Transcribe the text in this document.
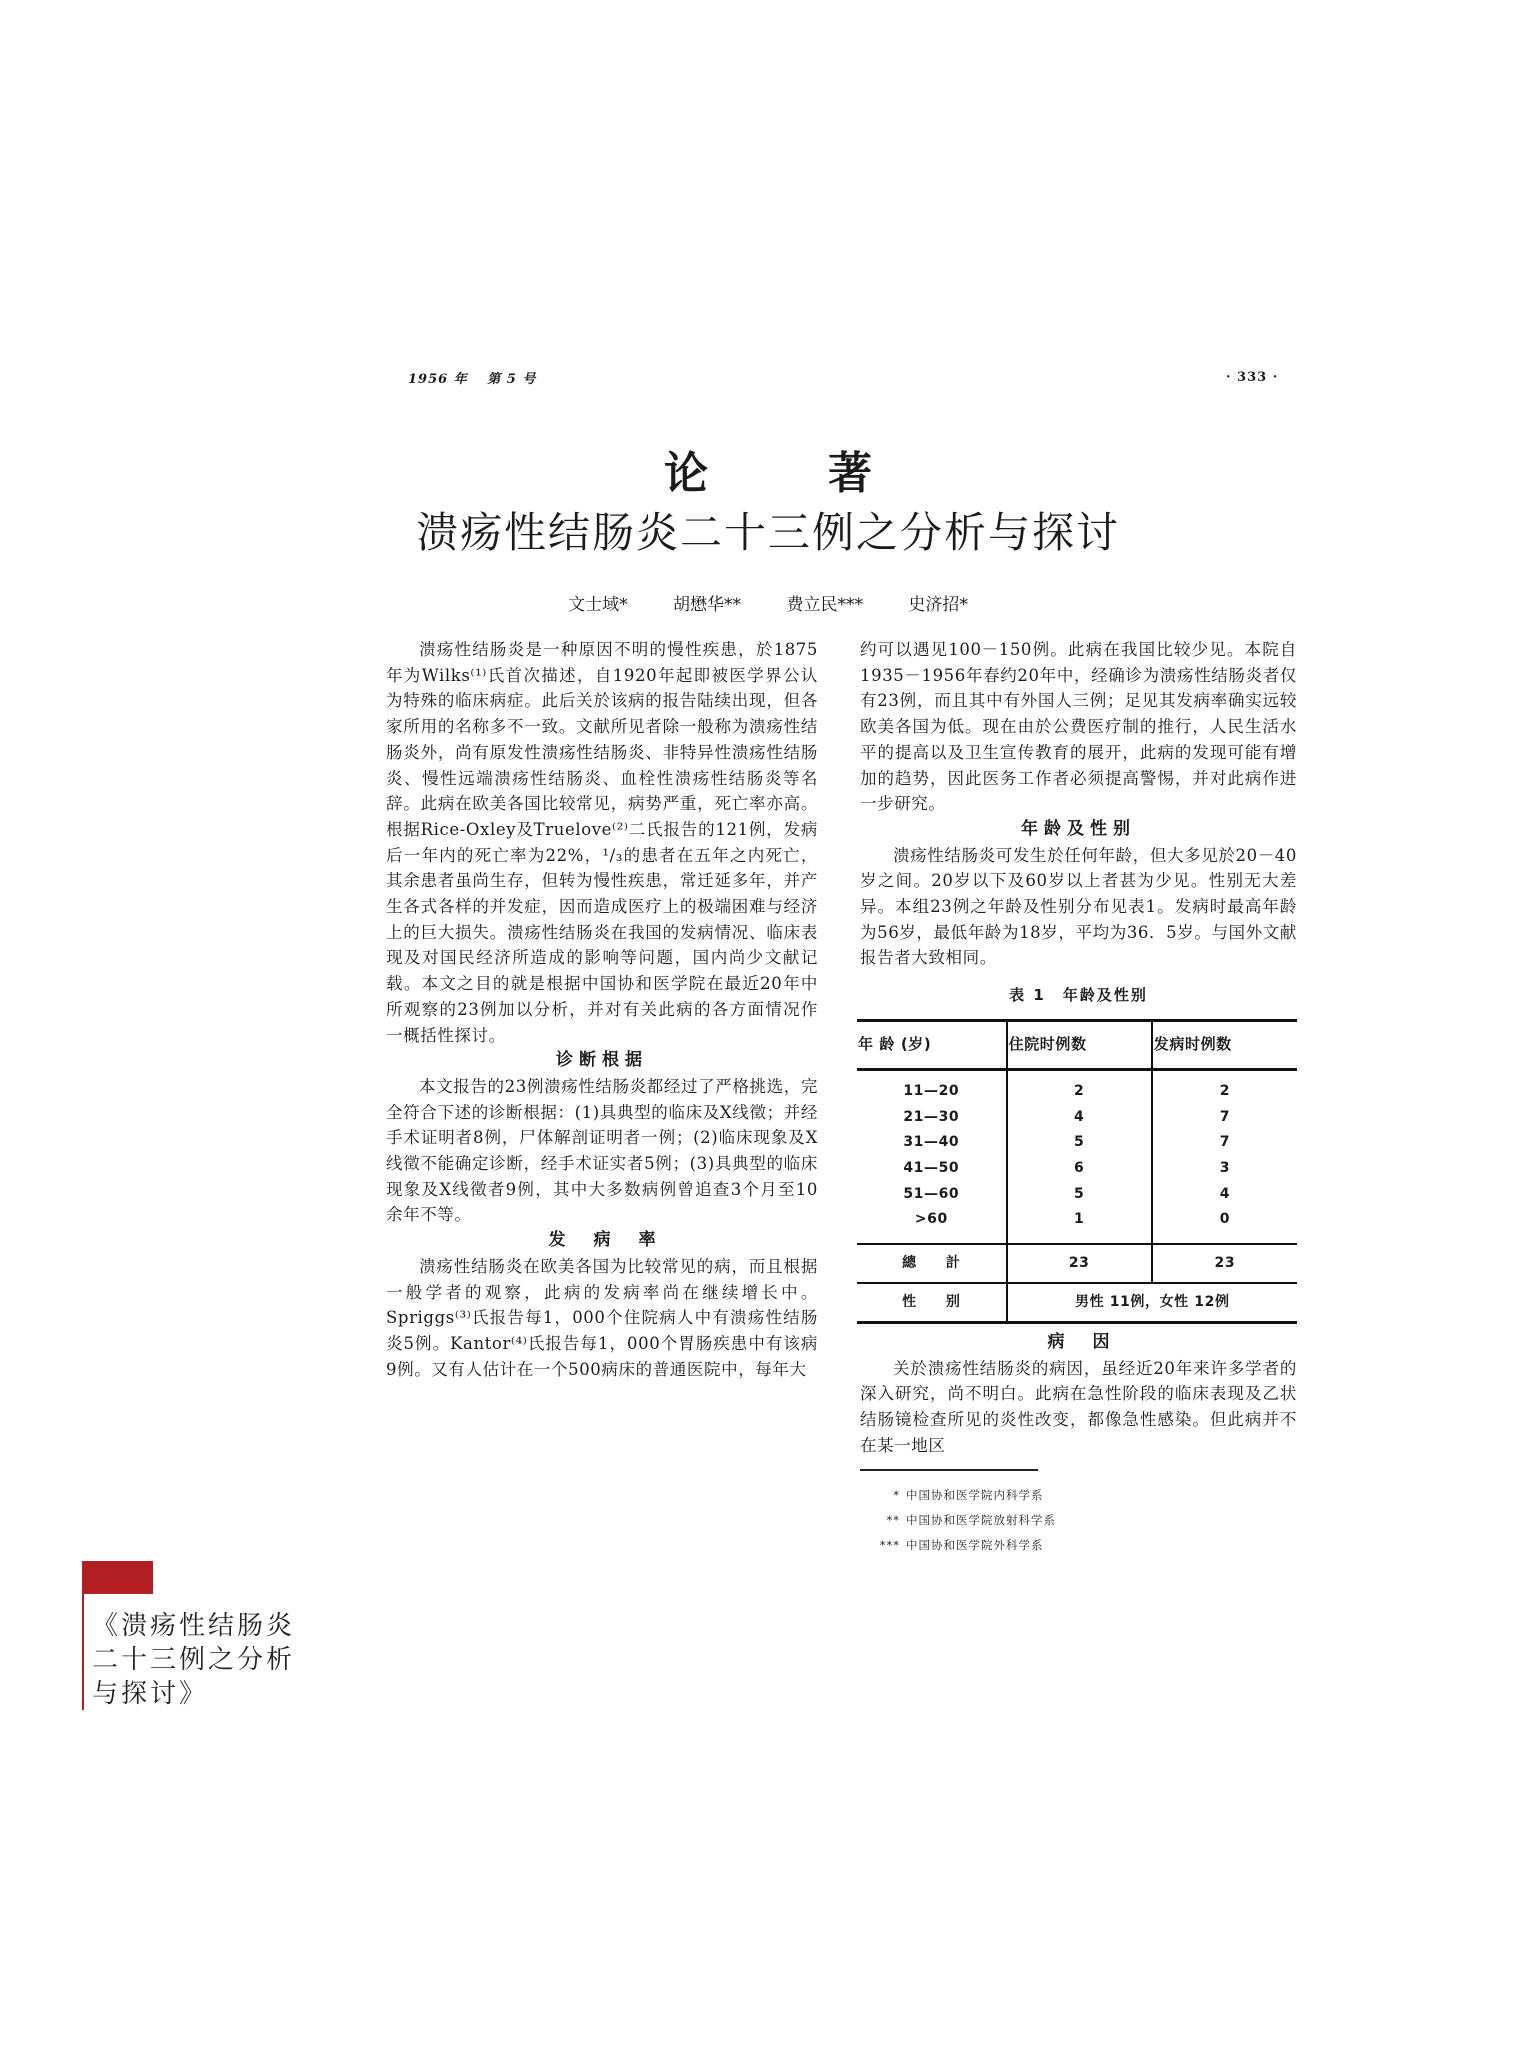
1956 年 第 5 号	· 333 ·
论著
溃疡性结肠炎二十三例之分析与探讨
文士域*	胡懋华**	费立民***	史济招*

溃疡性结肠炎是一种原因不明的慢性疾患，於1875年为Wilks⁽¹⁾氏首次描述，自1920年起即被医学界公认为特殊的临床病症。此后关於该病的报告陆续出现，但各家所用的名称多不一致。文献所见者除一般称为溃疡性结肠炎外，尚有原发性溃疡性结肠炎、非特异性溃疡性结肠炎、慢性远端溃疡性结肠炎、血栓性溃疡性结肠炎等名辞。此病在欧美各国比较常见，病势严重，死亡率亦高。根据Rice-Oxley及Truelove⁽²⁾二氏报告的121例，发病后一年内的死亡率为22%，¹/₃的患者在五年之内死亡，其余患者虽尚生存，但转为慢性疾患，常迁延多年，并产生各式各样的并发症，因而造成医疗上的极端困难与经济上的巨大损失。溃疡性结肠炎在我国的发病情况、临床表现及对国民经济所造成的影响等问题，国内尚少文献记载。本文之目的就是根据中国协和医学院在最近20年中所观察的23例加以分析，并对有关此病的各方面情况作一概括性探讨。

诊断根据

本文报告的23例溃疡性结肠炎都经过了严格挑选，完全符合下述的诊断根据：(1)具典型的临床及X线徵；并经手术证明者8例，尸体解剖证明者一例；(2)临床现象及X线徵不能确定诊断，经手术证实者5例；(3)具典型的临床现象及X线徵者9例，其中大多数病例曾追查3个月至10余年不等。

发病率

溃疡性结肠炎在欧美各国为比较常见的病，而且根据一般学者的观察，此病的发病率尚在继续增长中。Spriggs⁽³⁾氏报告每1，000个住院病人中有溃疡性结肠炎5例。Kantor⁽⁴⁾氏报告每1，000个胃肠疾患中有该病9例。又有人估计在一个500病床的普通医院中，每年大

约可以遇见100－150例。此病在我国比较少见。本院自1935－1956年春约20年中，经确诊为溃疡性结肠炎者仅有23例，而且其中有外国人三例；足见其发病率确实远较欧美各国为低。现在由於公费医疗制的推行，人民生活水平的提高以及卫生宣传教育的展开，此病的发现可能有增加的趋势，因此医务工作者必须提高警惕，并对此病作进一步研究。
年龄及性别

溃疡性结肠炎可发生於任何年龄，但大多见於20－40岁之间。20岁以下及60岁以上者甚为少见。性别无大差异。本组23例之年龄及性别分布见表1。发病时最高年龄为56岁，最低年龄为18岁，平均为36．5岁。与国外文献报告者大致相同。

表 1　年龄及性别
年 龄 (岁)	住院时例数	发病时例数
11—20	2	2
21—30	4	7
31—40	5	7
41—50	6	3
51—60	5	4
>60	1	0
總　　計	23	23
性　　别	男性 11例，女性 12例	
病因

关於溃疡性结肠炎的病因，虽经近20年来许多学者的深入研究，尚不明白。此病在急性阶段的临床表现及乙状结肠镜检查所见的炎性改变，都像急性感染。但此病并不在某一地区

* 中国协和医学院内科学系
** 中国协和医学院放射科学系
*** 中国协和医学院外科学系
《溃疡性结肠炎二十三例之分析与探讨》
